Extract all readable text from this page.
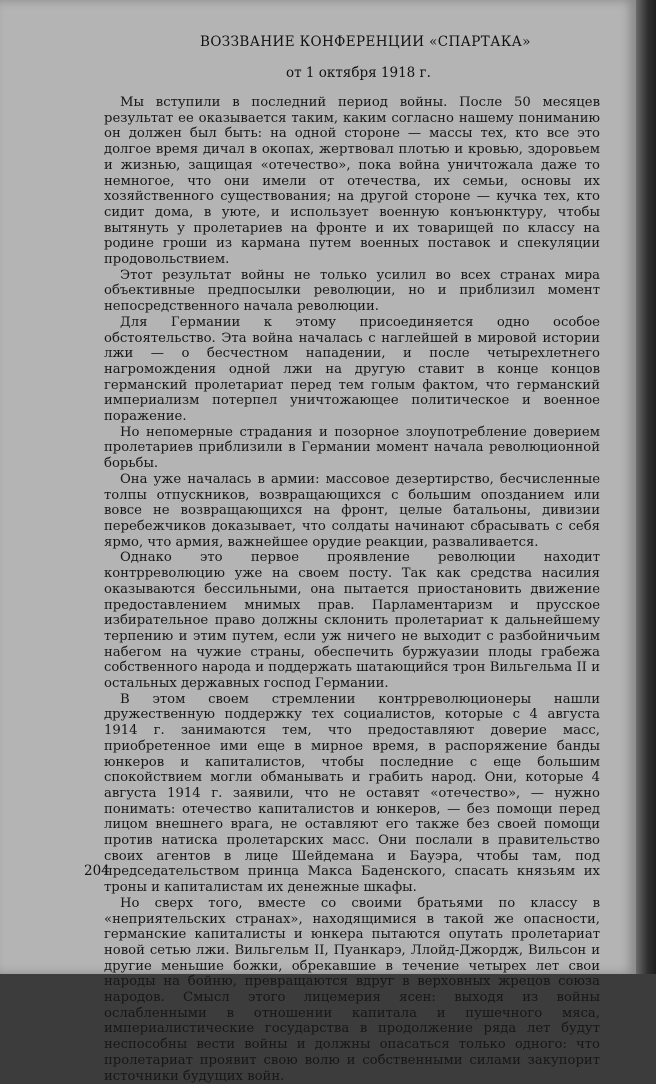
ВОЗЗВАНИЕ КОНФЕРЕНЦИИ «СПАРТАКА»
от 1 октября 1918 г.

Мы вступили в последний период войны. После 50 месяцев результат ее оказывается таким, каким согласно нашему пониманию он должен был быть: на одной стороне — массы тех, кто все это долгое время дичал в окопах, жертвовал плотью и кровью, здоровьем и жизнью, защищая «отечество», пока война уничтожала даже то немногое, что они имели от отечества, их семьи, основы их хозяйственного существования; на другой стороне — кучка тех, кто сидит дома, в уюте, и использует военную конъюнктуру, чтобы вытянуть у пролетариев на фронте и их товарищей по классу на родине гроши из кармана путем военных поставок и спекуляции продовольствием.

Этот результат войны не только усилил во всех странах мира объективные предпосылки революции, но и приблизил момент непосредственного начала революции.

Для Германии к этому присоединяется одно особое обстоятельство. Эта война началась с наглейшей в мировой истории лжи — о бесчестном нападении, и после четырехлетнего нагромождения одной лжи на другую ставит в конце концов германский пролетариат перед тем голым фактом, что германский империализм потерпел уничтожающее политическое и военное поражение.

Но непомерные страдания и позорное злоупотребление доверием пролетариев приблизили в Германии момент начала революционной борьбы.

Она уже началась в армии: массовое дезертирство, бесчисленные толпы отпускников, возвращающихся с большим опозданием или вовсе не возвращающихся на фронт, целые батальоны, дивизии перебежчиков доказывает, что солдаты начинают сбрасывать с себя ярмо, что армия, важнейшее орудие реакции, разваливается.

Однако это первое проявление революции находит контрреволюцию уже на своем посту. Так как средства насилия оказываются бессильными, она пытается приостановить движение предоставлением мнимых прав. Парламентаризм и прусское избирательное право должны склонить пролетариат к дальнейшему терпению и этим путем, если уж ничего не выходит с разбойничьим набегом на чужие страны, обеспечить буржуазии плоды грабежа собственного народа и поддержать шатающийся трон Вильгельма II и остальных державных господ Германии.

В этом своем стремлении контрреволюционеры нашли дружественную поддержку тех социалистов, которые с 4 августа 1914 г. занимаются тем, что предоставляют доверие масс, приобретенное ими еще в мирное время, в распоряжение банды юнкеров и капиталистов, чтобы последние с еще большим спокойствием могли обманывать и грабить народ. Они, которые 4 августа 1914 г. заявили, что не оставят «отечество», — нужно понимать: отечество капиталистов и юнкеров, — без помощи перед лицом внешнего врага, не оставляют его также без своей помощи против натиска пролетарских масс. Они послали в правительство своих агентов в лице Шейдемана и Бауэра, чтобы там, под председательством принца Макса Баденского, спасать князьям их троны и капиталистам их денежные шкафы.

Но сверх того, вместе со своими братьями по классу в «неприятельских странах», находящимися в такой же опасности, германские капиталисты и юнкера пытаются опутать пролетариат новой сетью лжи. Вильгельм II, Пуанкарэ, Ллойд-Джордж, Вильсон и другие меньшие божки, обрекавшие в течение четырех лет свои народы на бойню, превращаются вдруг в верховных жрецов союза народов. Смысл этого лицемерия ясен: выходя из войны ослабленными в отношении капитала и пушечного мяса, империалистические государства в продолжение ряда лет будут неспособны вести войны и должны опасаться только одного: что пролетариат проявит свою волю и собственными силами закупорит источники будущих войн.

204
